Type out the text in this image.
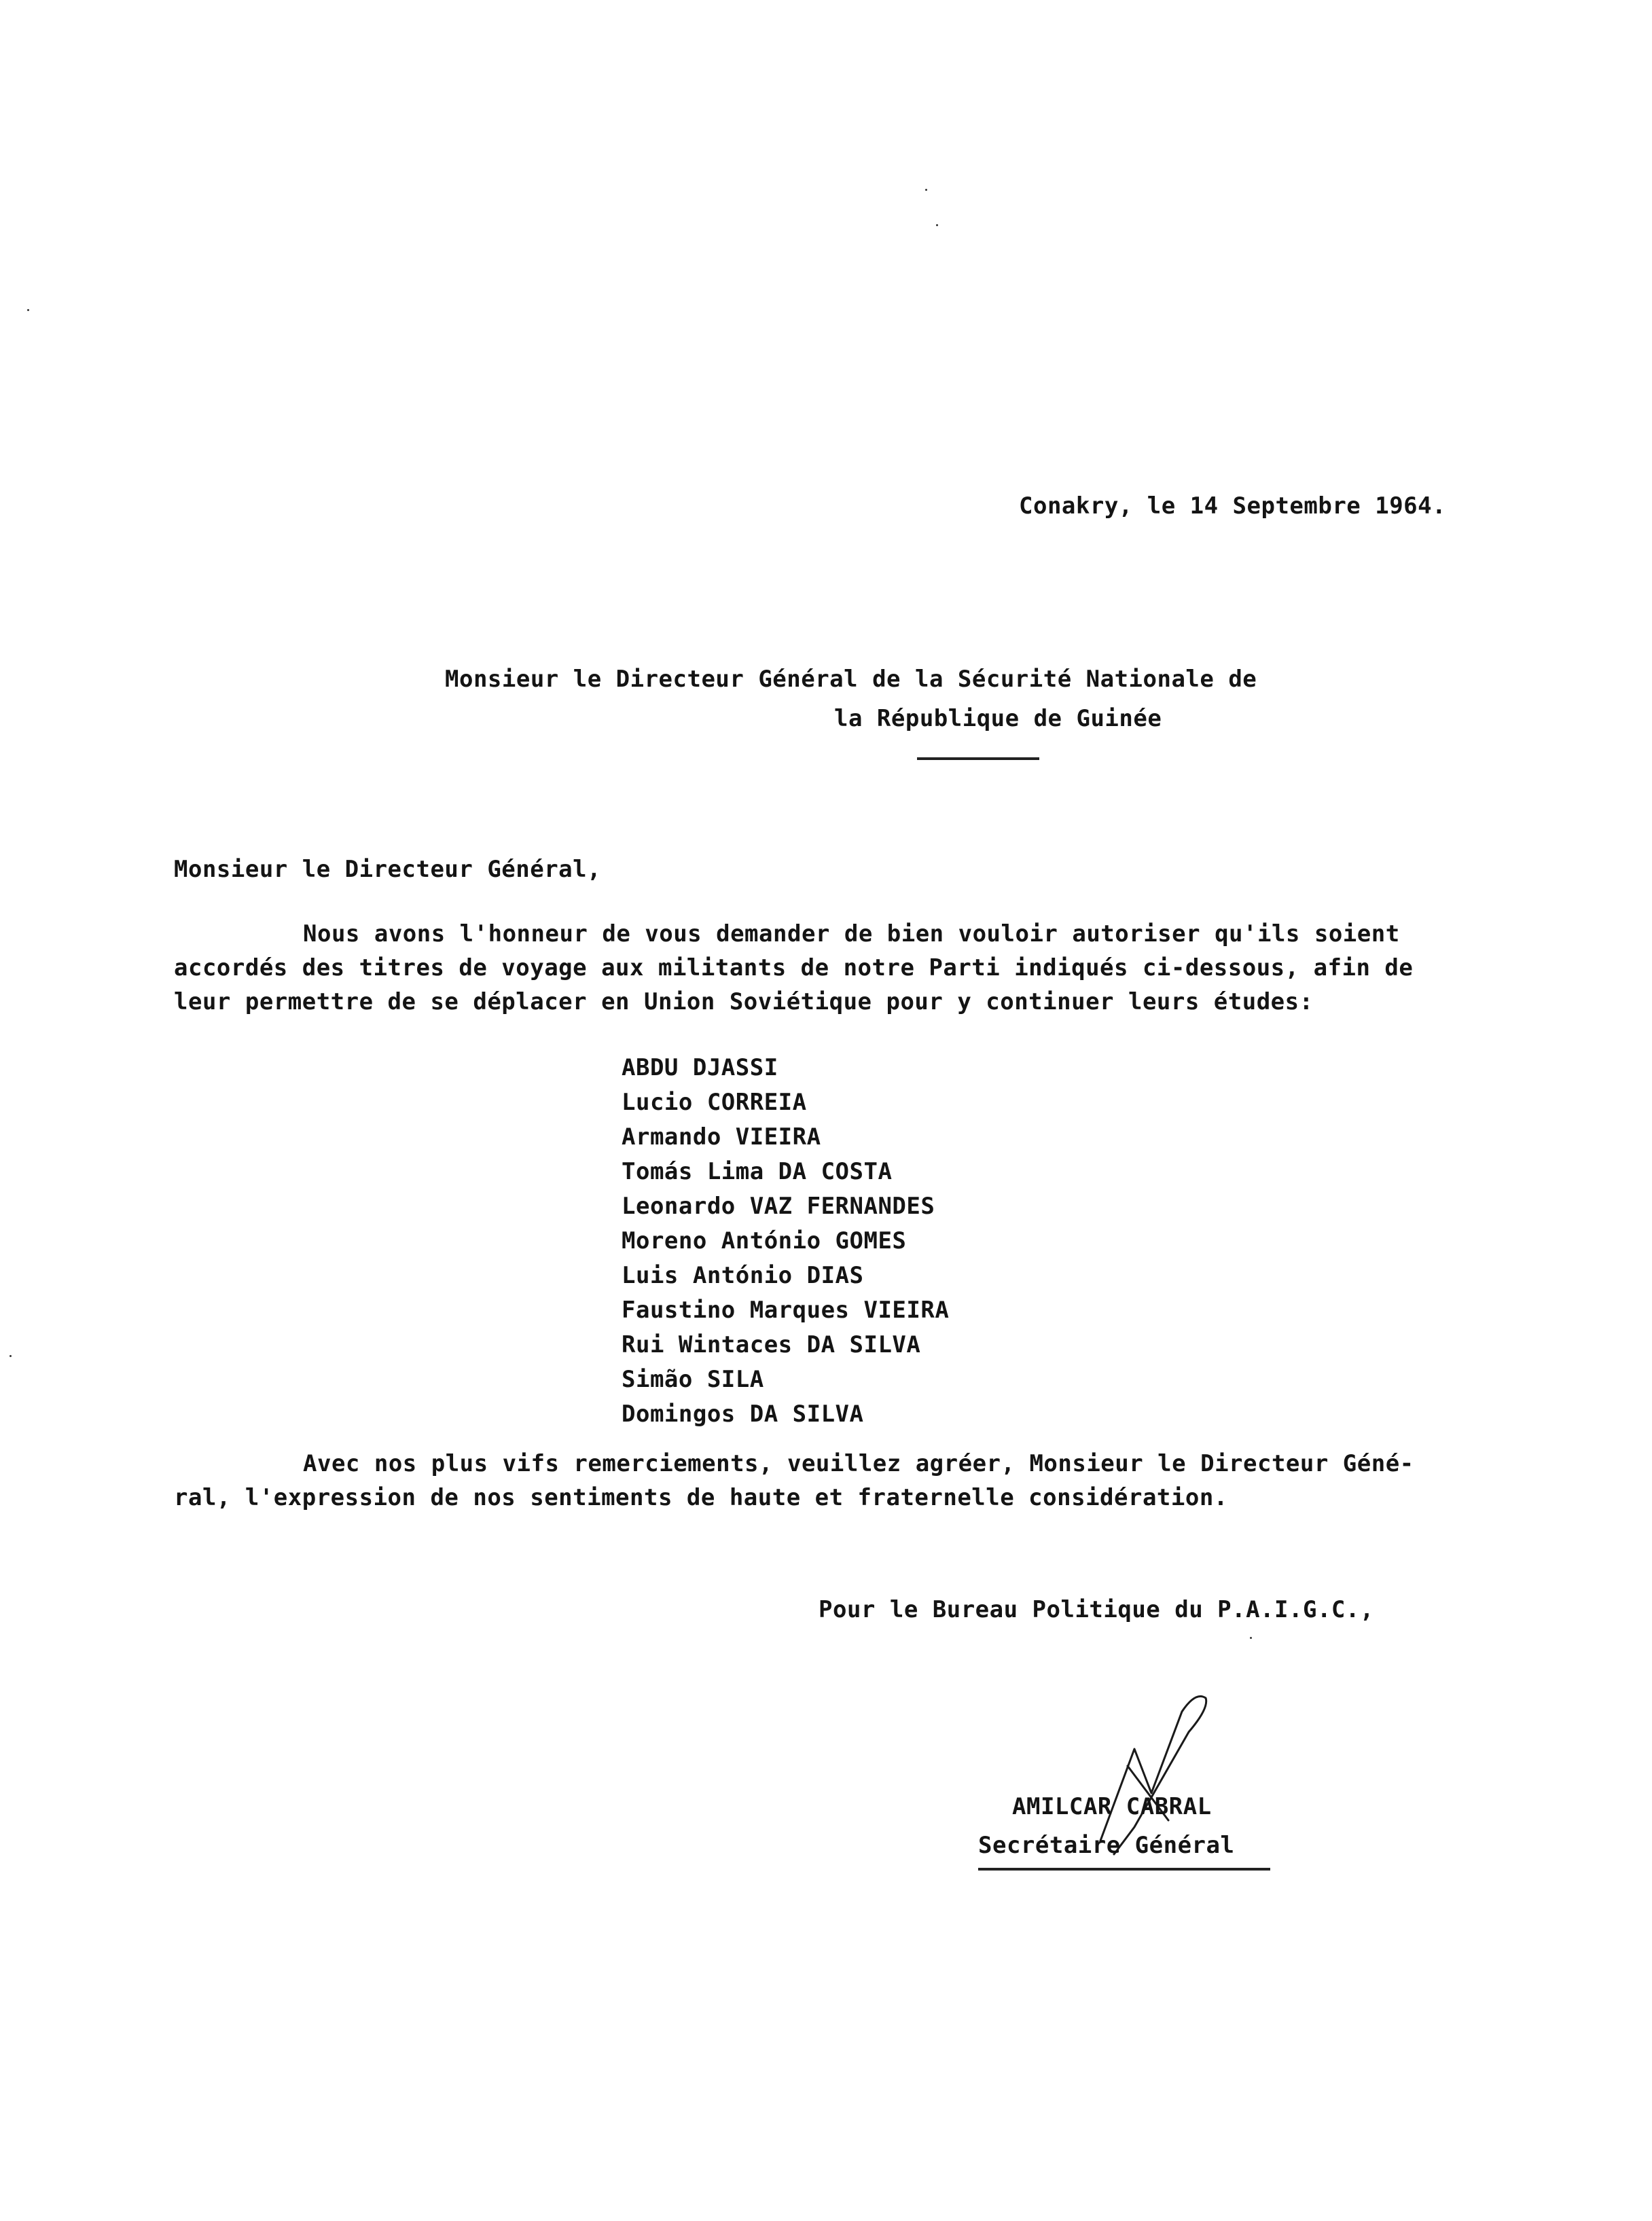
Conakry, le 14 Septembre 1964.
Monsieur le Directeur Général de la Sécurité Nationale de
la République de Guinée
Monsieur le Directeur Général,
Nous avons l'honneur de vous demander de bien vouloir autoriser qu'ils soient
accordés des titres de voyage aux militants de notre Parti indiqués ci-dessous, afin de
leur permettre de se déplacer en Union Soviétique pour y continuer leurs études:
ABDU DJASSI
Lucio CORREIA
Armando VIEIRA
Tomás Lima DA COSTA
Leonardo VAZ FERNANDES
Moreno António GOMES
Luis António DIAS
Faustino Marques VIEIRA
Rui Wintaces DA SILVA
Simão SILA
Domingos DA SILVA
Avec nos plus vifs remerciements, veuillez agréer, Monsieur le Directeur Géné-
ral, l'expression de nos sentiments de haute et fraternelle considération.
Pour le Bureau Politique du P.A.I.G.C.,
AMILCAR CABRAL
Secrétaire Général
